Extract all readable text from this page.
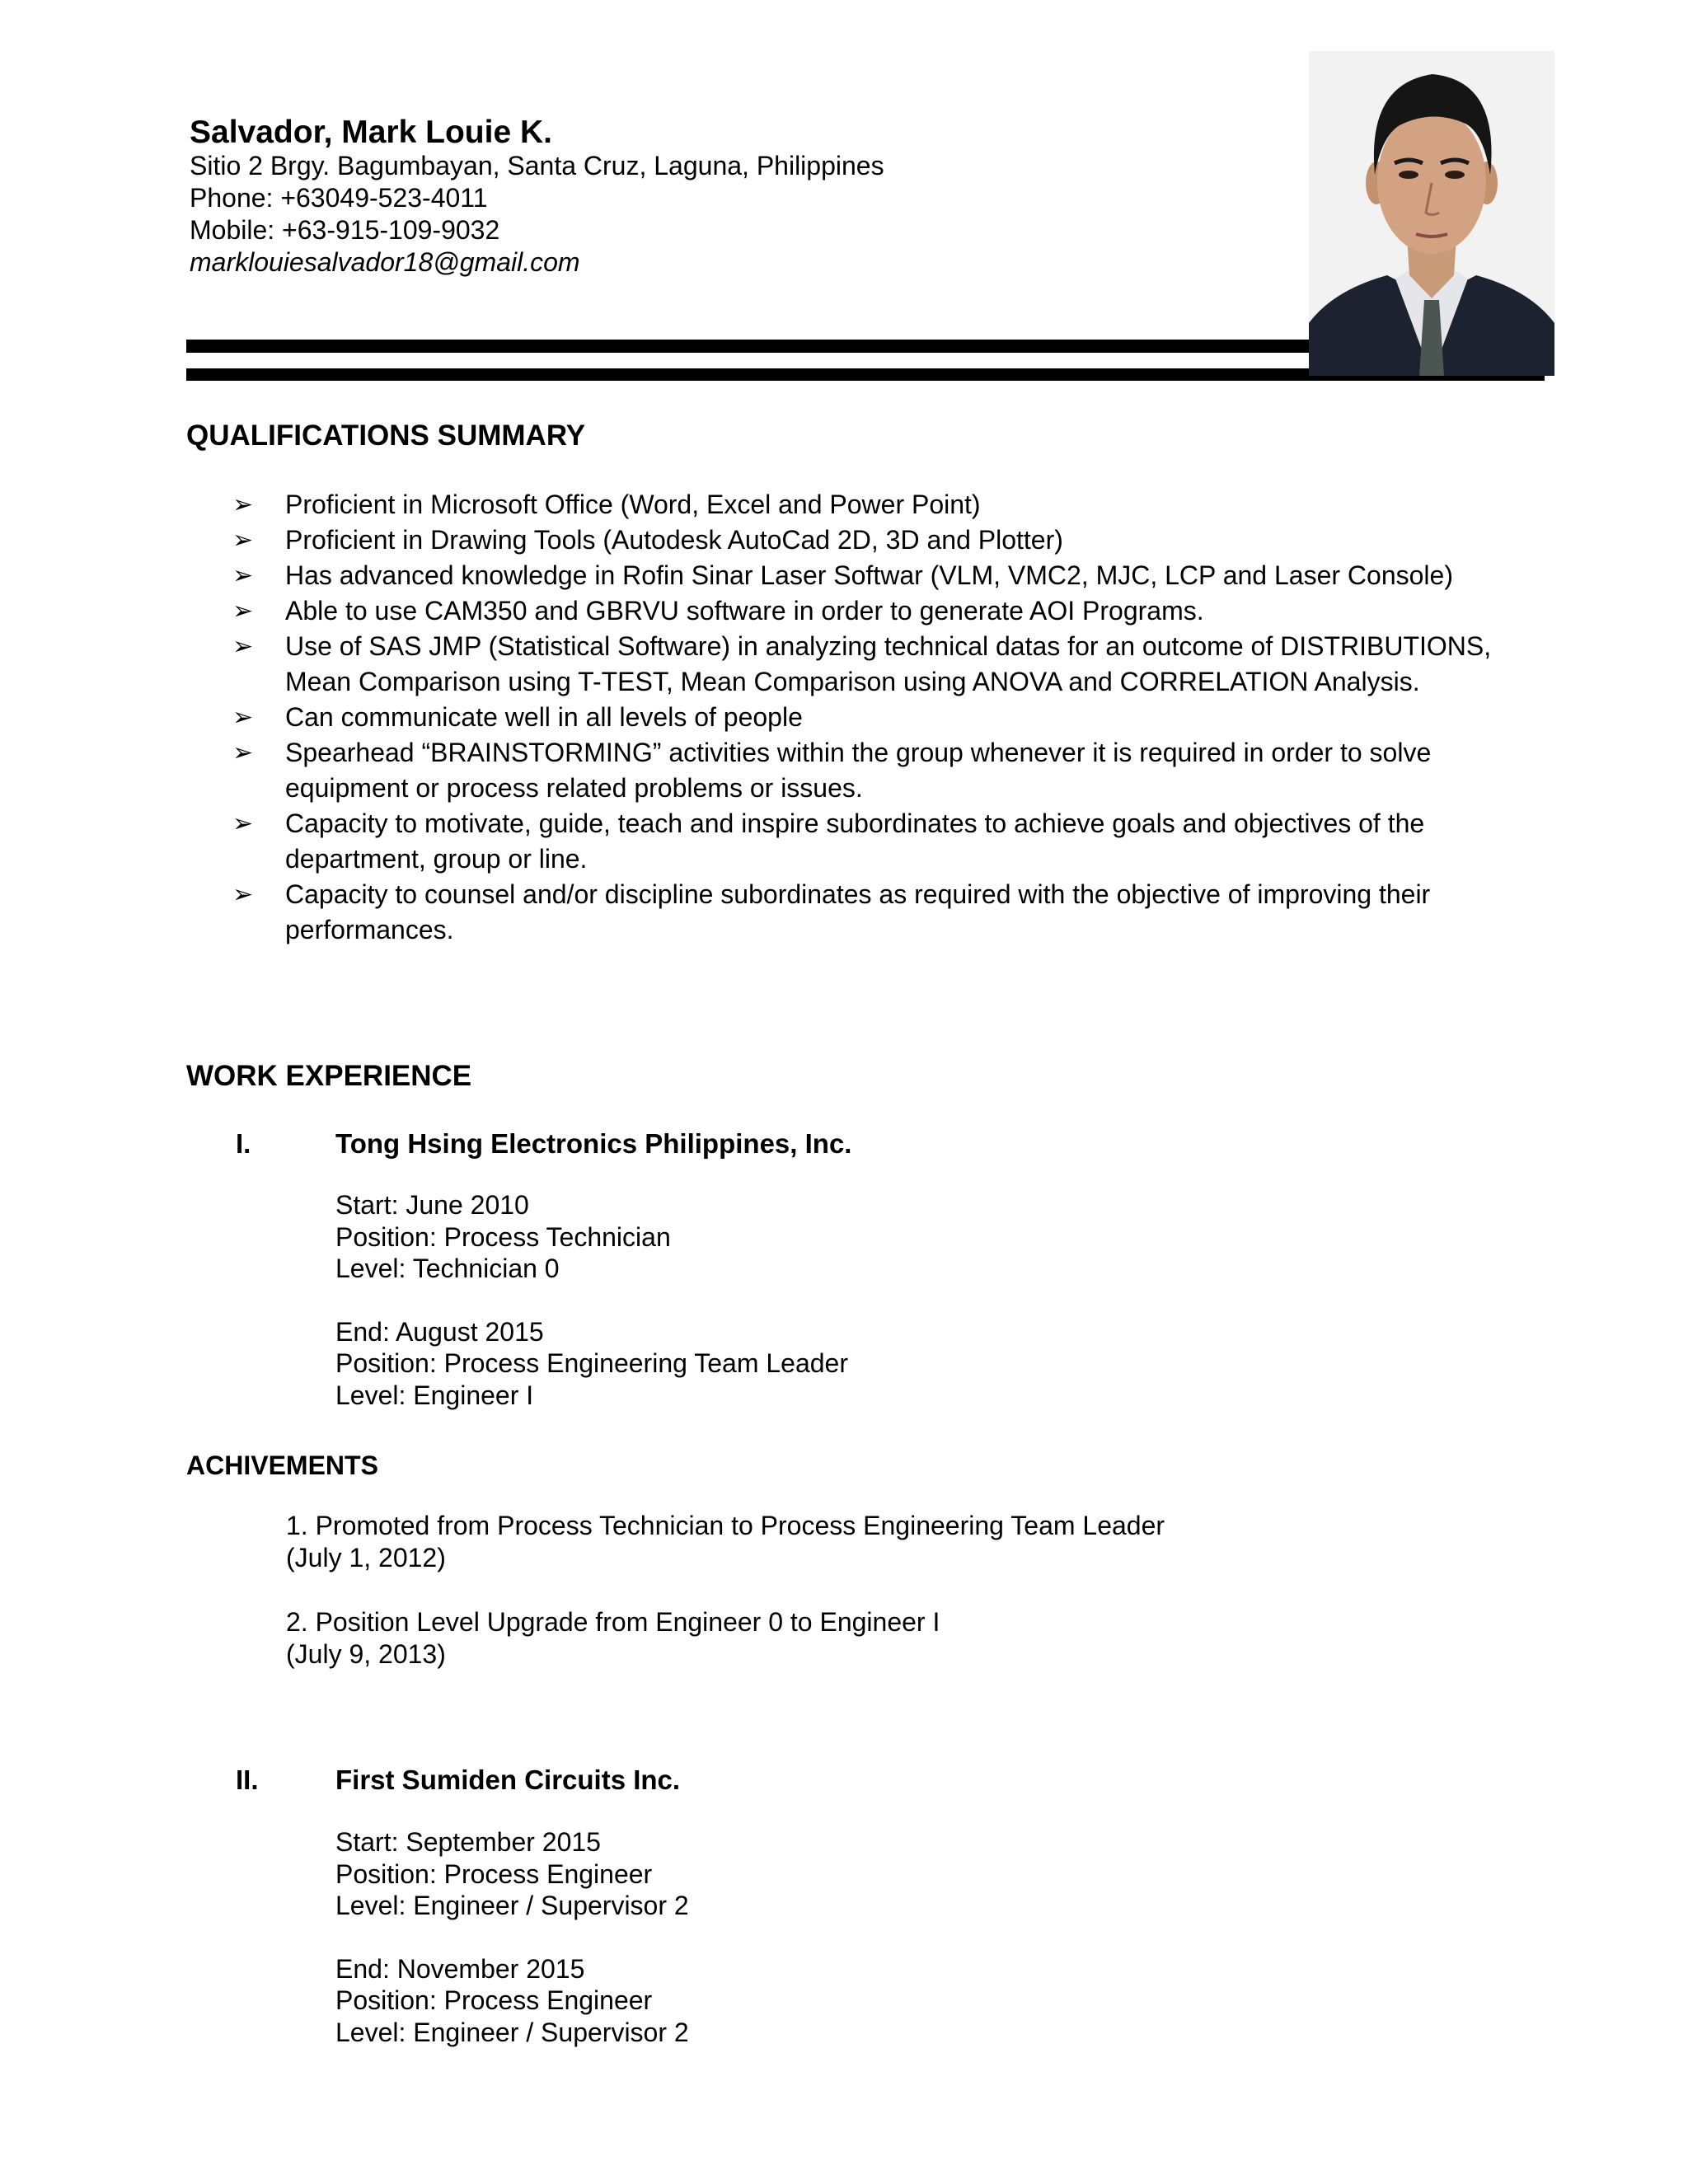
Salvador, Mark Louie K.
Sitio 2 Brgy. Bagumbayan, Santa Cruz, Laguna, Philippines
Phone: +63049-523-4011
Mobile: +63-915-109-9032
marklouiesalvador18@gmail.com
QUALIFICATIONS SUMMARY
➢	Proficient in Microsoft Office (Word, Excel and Power Point)
➢	Proficient in Drawing Tools (Autodesk AutoCad 2D, 3D and Plotter)
➢	Has advanced knowledge in Rofin Sinar Laser Softwar (VLM, VMC2, MJC, LCP and Laser Console)
➢	Able to use CAM350 and GBRVU software in order to generate AOI Programs.
➢	Use of SAS JMP (Statistical Software) in analyzing technical datas for an outcome of DISTRIBUTIONS, Mean Comparison using T-TEST, Mean Comparison using ANOVA and CORRELATION Analysis.
➢	Can communicate well in all levels of people
➢	Spearhead “BRAINSTORMING” activities within the group whenever it is required in order to solve equipment or process related problems or issues.
➢	Capacity to motivate, guide, teach and inspire subordinates to achieve goals and objectives of the department, group or line.
➢	Capacity to counsel and/or discipline subordinates as required with the objective of improving their performances.
WORK EXPERIENCE
I.	Tong Hsing Electronics Philippines, Inc.
Start: June 2010
Position: Process Technician
Level: Technician 0
End: August 2015
Position: Process Engineering Team Leader
Level: Engineer I
ACHIVEMENTS
1. Promoted from Process Technician to Process Engineering Team Leader
(July 1, 2012)
2. Position Level Upgrade from Engineer 0 to Engineer I
(July 9, 2013)
II.	First Sumiden Circuits Inc.
Start: September 2015
Position: Process Engineer
Level: Engineer / Supervisor 2
End: November 2015
Position: Process Engineer
Level: Engineer / Supervisor 2
